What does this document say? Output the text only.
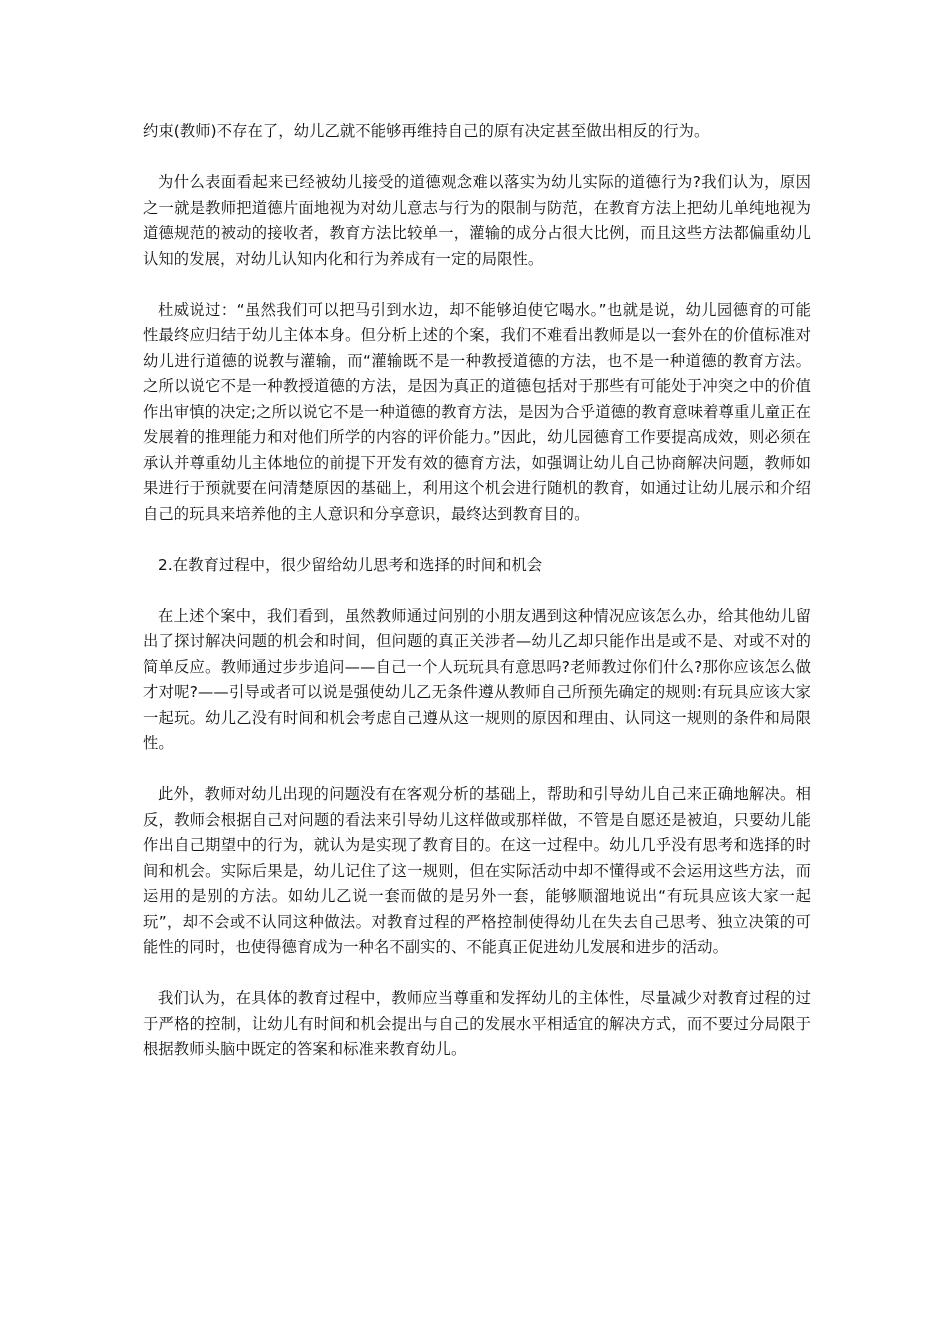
约束(教师)不存在了，幼儿乙就不能够再维持自己的原有决定甚至做出相反的行为。

为什么表面看起来已经被幼儿接受的道德观念难以落实为幼儿实际的道德行为?我们认为，原因之一就是教师把道德片面地视为对幼儿意志与行为的限制与防范，在教育方法上把幼儿单纯地视为道德规范的被动的接收者，教育方法比较单一，灌输的成分占很大比例，而且这些方法都偏重幼儿认知的发展，对幼儿认知内化和行为养成有一定的局限性。

杜威说过：“虽然我们可以把马引到水边，却不能够迫使它喝水。”也就是说，幼儿园德育的可能性最终应归结于幼儿主体本身。但分析上述的个案，我们不难看出教师是以一套外在的价值标准对幼儿进行道德的说教与灌输，而“灌输既不是一种教授道德的方法，也不是一种道德的教育方法。之所以说它不是一种教授道德的方法，是因为真正的道德包括对于那些有可能处于冲突之中的价值作出审慎的决定;之所以说它不是一种道德的教育方法，是因为合乎道德的教育意味着尊重儿童正在发展着的推理能力和对他们所学的内容的评价能力。”因此，幼儿园德育工作要提高成效，则必须在承认并尊重幼儿主体地位的前提下开发有效的德育方法，如强调让幼儿自己协商解决问题，教师如果进行于预就要在问清楚原因的基础上，利用这个机会进行随机的教育，如通过让幼儿展示和介绍自己的玩具来培养他的主人意识和分享意识，最终达到教育目的。

2.在教育过程中，很少留给幼儿思考和选择的时间和机会

在上述个案中，我们看到，虽然教师通过问别的小朋友遇到这种情况应该怎么办，给其他幼儿留出了探讨解决问题的机会和时间，但问题的真正关涉者—幼儿乙却只能作出是或不是、对或不对的简单反应。教师通过步步追问——自己一个人玩玩具有意思吗?老师教过你们什么?那你应该怎么做才对呢?——引导或者可以说是强使幼儿乙无条件遵从教师自己所预先确定的规则:有玩具应该大家一起玩。幼儿乙没有时间和机会考虑自己遵从这一规则的原因和理由、认同这一规则的条件和局限性。

此外，教师对幼儿出现的问题没有在客观分析的基础上，帮助和引导幼儿自己来正确地解决。相反，教师会根据自己对问题的看法来引导幼儿这样做或那样做，不管是自愿还是被迫，只要幼儿能作出自己期望中的行为，就认为是实现了教育目的。在这一过程中。幼儿几乎没有思考和选择的时间和机会。实际后果是，幼儿记住了这一规则，但在实际活动中却不懂得或不会运用这些方法，而运用的是别的方法。如幼儿乙说一套而做的是另外一套，能够顺溜地说出“有玩具应该大家一起玩”，却不会或不认同这种做法。对教育过程的严格控制使得幼儿在失去自己思考、独立决策的可能性的同时，也使得德育成为一种名不副实的、不能真正促进幼儿发展和进步的活动。

我们认为，在具体的教育过程中，教师应当尊重和发挥幼儿的主体性，尽量减少对教育过程的过于严格的控制，让幼儿有时间和机会提出与自己的发展水平相适宜的解决方式，而不要过分局限于根据教师头脑中既定的答案和标准来教育幼儿。
